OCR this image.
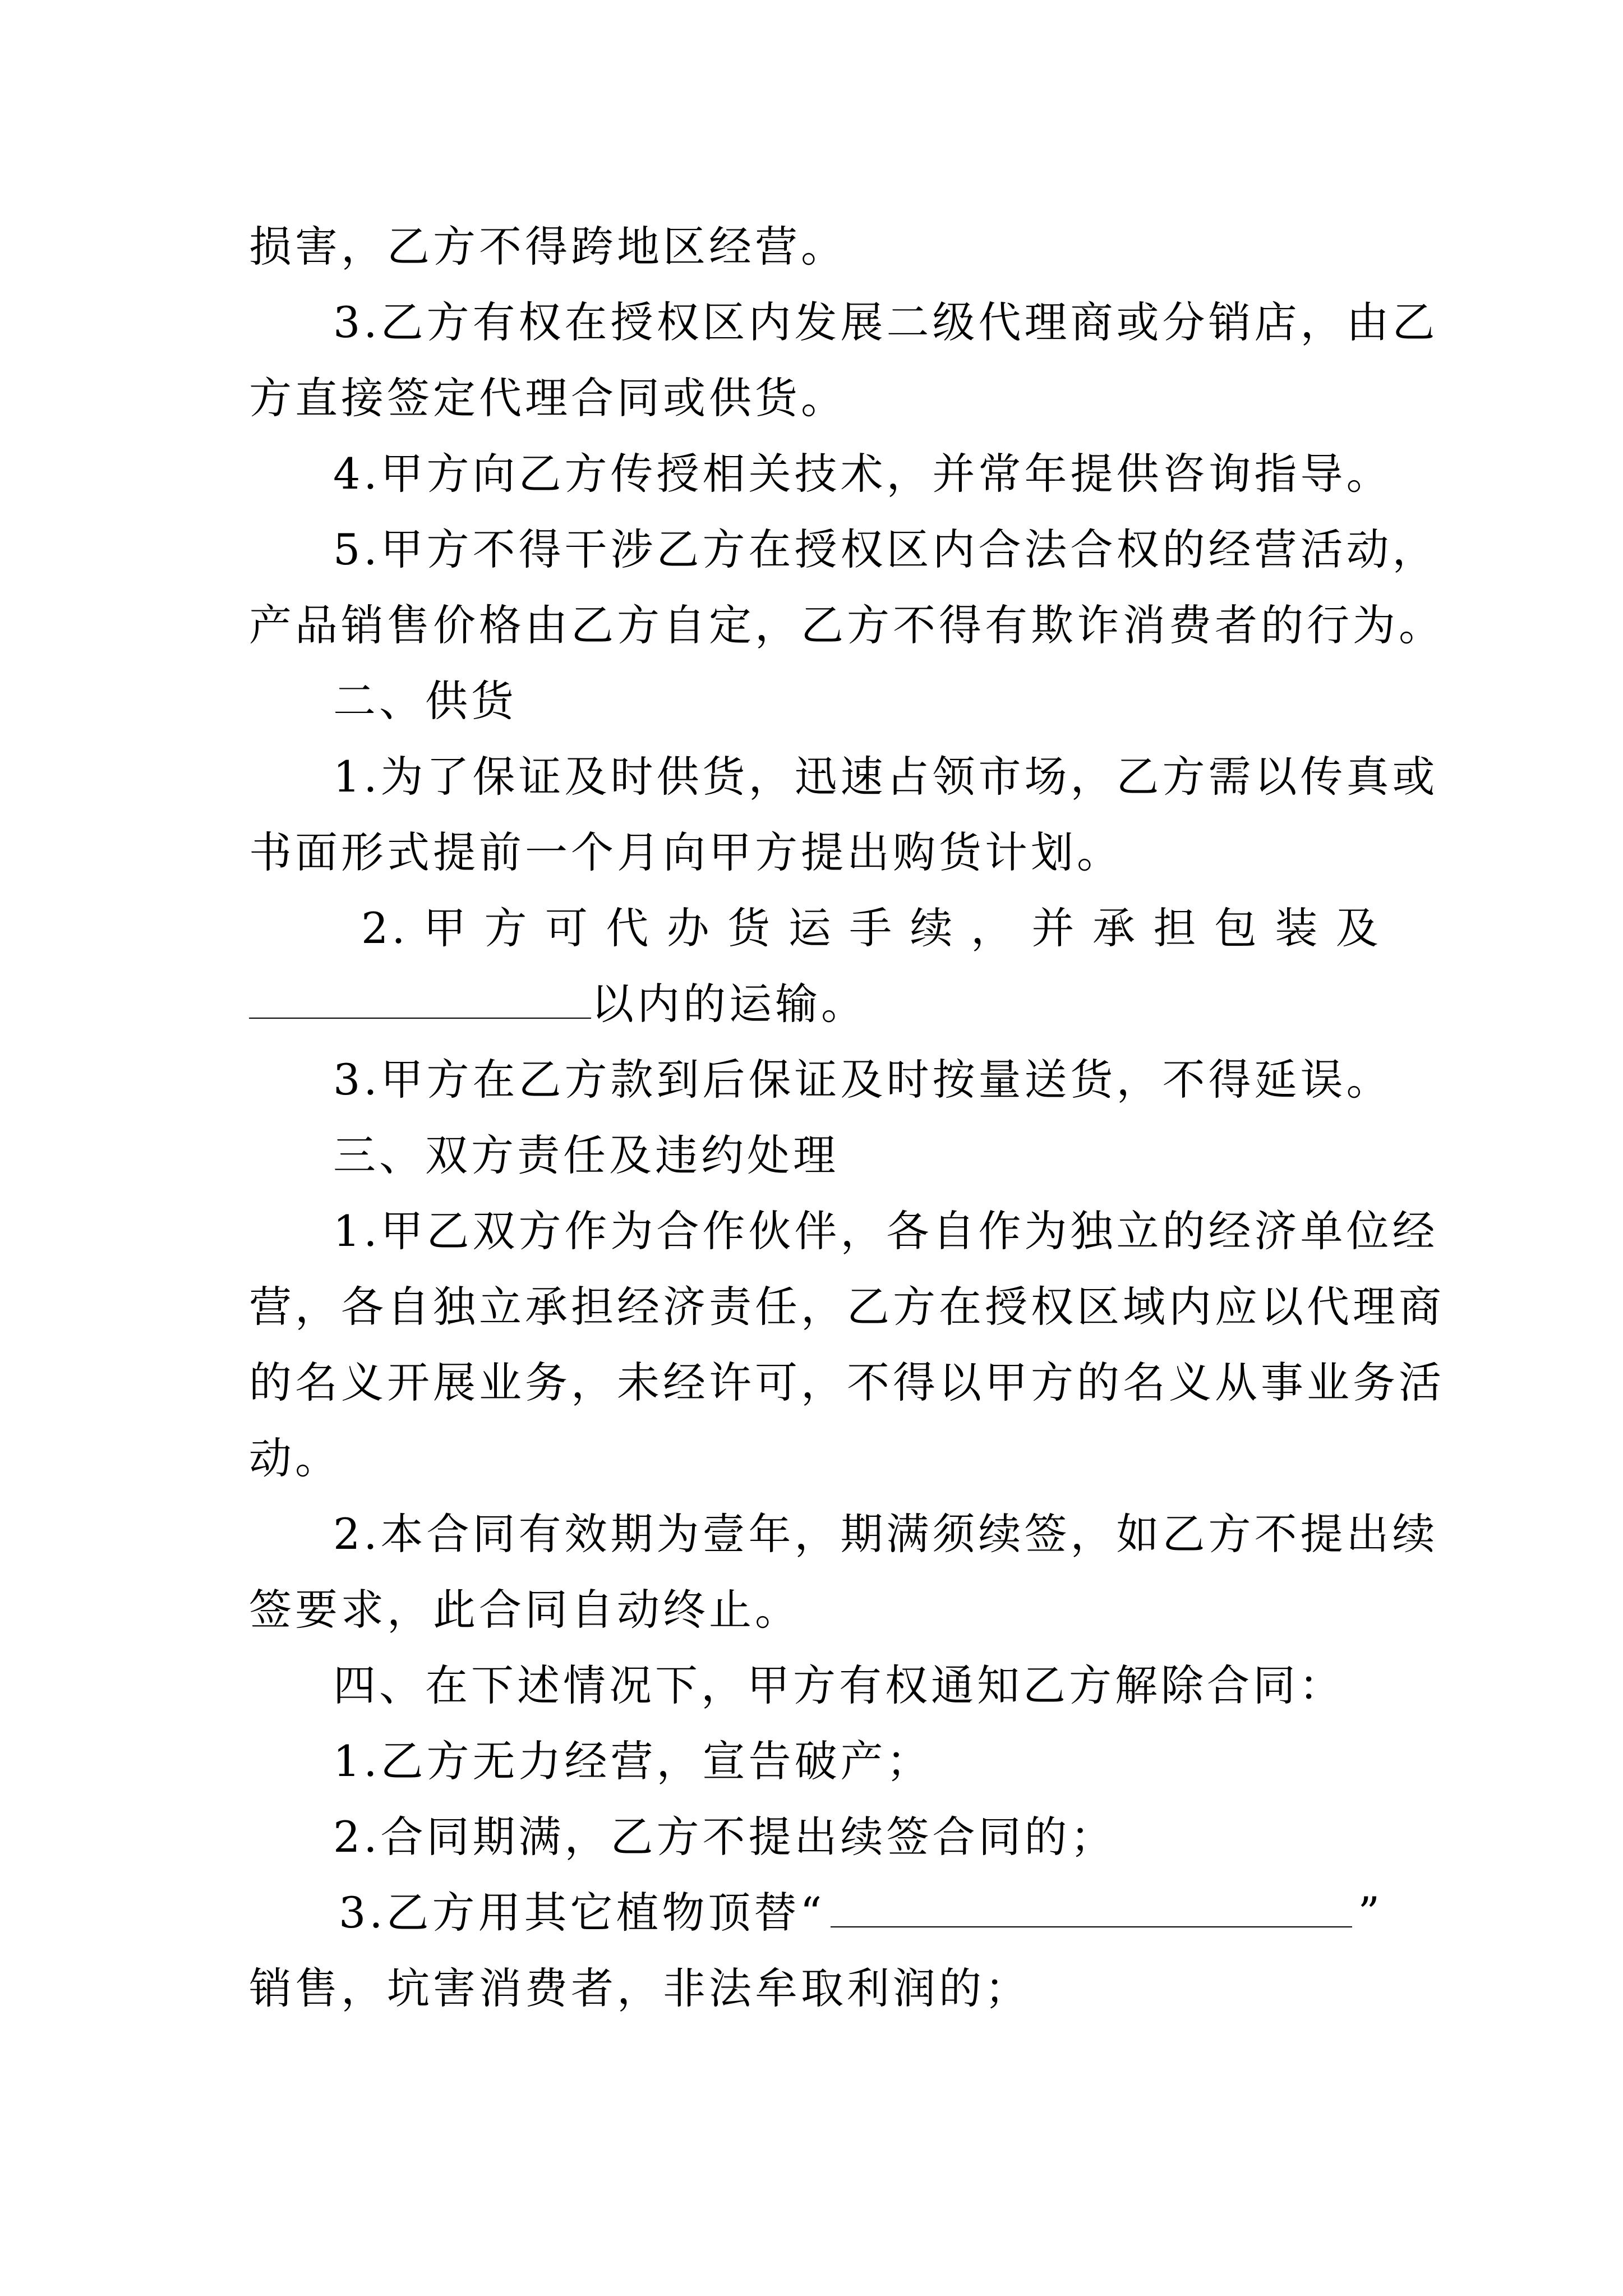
损害，乙方不得跨地区经营。
3.乙方有权在授权区内发展二级代理商或分销店，由乙
方直接签定代理合同或供货。
4.甲方向乙方传授相关技术，并常年提供咨询指导。
5.甲方不得干涉乙方在授权区内合法合权的经营活动，
产品销售价格由乙方自定，乙方不得有欺诈消费者的行为。
二、供货
1.为了保证及时供货，迅速占领市场，乙方需以传真或
书面形式提前一个月向甲方提出购货计划。
2. 甲 方 可 代 办 货 运 手 续 ， 并 承 担 包 装 及
以内的运输。
3.甲方在乙方款到后保证及时按量送货，不得延误。
三、双方责任及违约处理
1.甲乙双方作为合作伙伴，各自作为独立的经济单位经
营，各自独立承担经济责任，乙方在授权区域内应以代理商
的名义开展业务，未经许可，不得以甲方的名义从事业务活
动。
2.本合同有效期为壹年，期满须续签，如乙方不提出续
签要求，此合同自动终止。
四、在下述情况下，甲方有权通知乙方解除合同：
1.乙方无力经营，宣告破产；
2.合同期满，乙方不提出续签合同的；
3.乙方用其它植物顶替“	”
销售，坑害消费者，非法牟取利润的；
